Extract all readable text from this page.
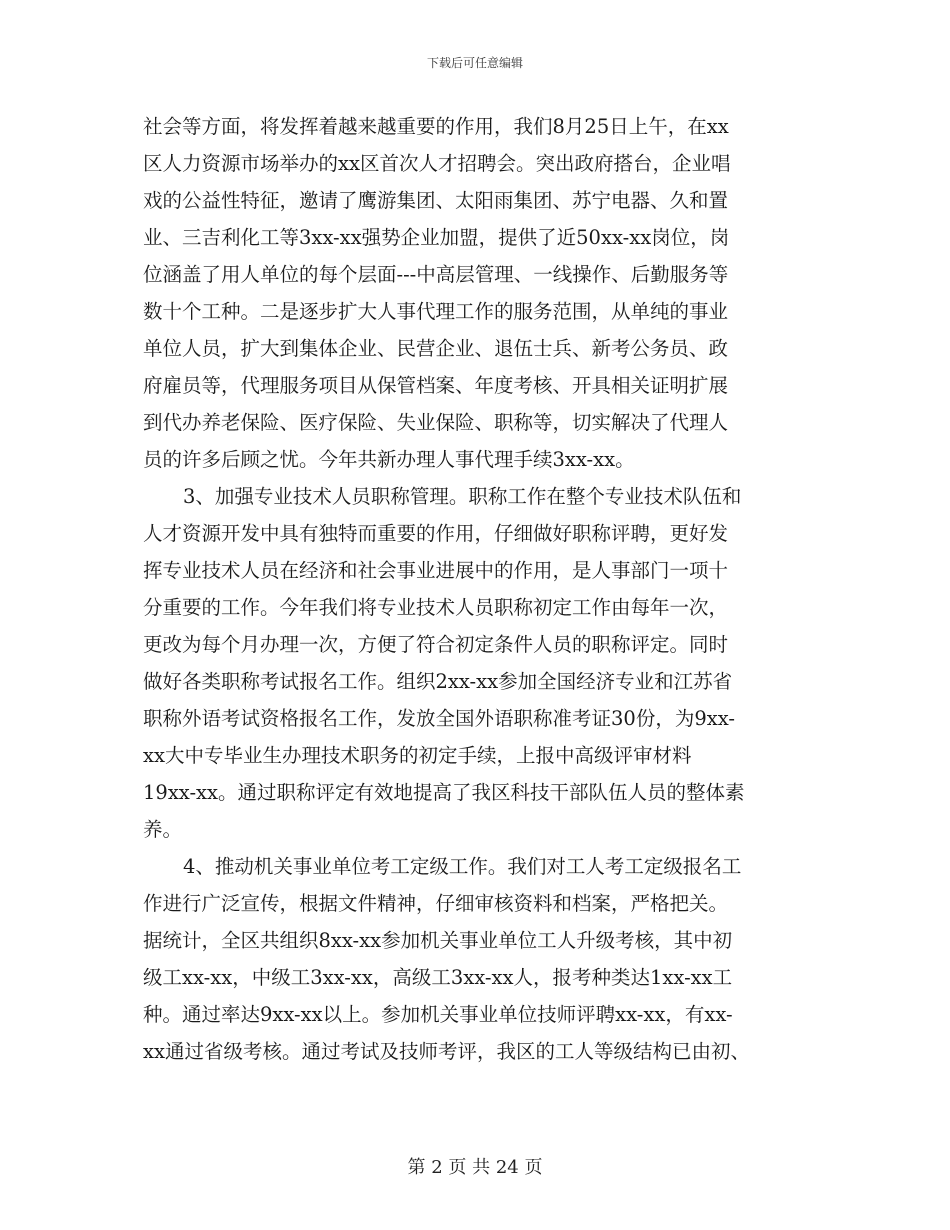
下载后可任意编辑
社会等方面，将发挥着越来越重要的作用，我们8月25日上午，在xx
区人力资源市场举办的xx区首次人才招聘会。突出政府搭台，企业唱
戏的公益性特征，邀请了鹰游集团、太阳雨集团、苏宁电器、久和置
业、三吉利化工等3xx-xx强势企业加盟，提供了近50xx-xx岗位，岗
位涵盖了用人单位的每个层面---中高层管理、一线操作、后勤服务等
数十个工种。二是逐步扩大人事代理工作的服务范围，从单纯的事业
单位人员，扩大到集体企业、民营企业、退伍士兵、新考公务员、政
府雇员等，代理服务项目从保管档案、年度考核、开具相关证明扩展
到代办养老保险、医疗保险、失业保险、职称等，切实解决了代理人
员的许多后顾之忧。今年共新办理人事代理手续3xx-xx。
3、加强专业技术人员职称管理。职称工作在整个专业技术队伍和
人才资源开发中具有独特而重要的作用，仔细做好职称评聘，更好发
挥专业技术人员在经济和社会事业进展中的作用，是人事部门一项十
分重要的工作。今年我们将专业技术人员职称初定工作由每年一次，
更改为每个月办理一次，方便了符合初定条件人员的职称评定。同时
做好各类职称考试报名工作。组织2xx-xx参加全国经济专业和江苏省
职称外语考试资格报名工作，发放全国外语职称准考证30份，为9xx-
xx大中专毕业生办理技术职务的初定手续，上报中高级评审材料
19xx-xx。通过职称评定有效地提高了我区科技干部队伍人员的整体素
养。
4、推动机关事业单位考工定级工作。我们对工人考工定级报名工
作进行广泛宣传，根据文件精神，仔细审核资料和档案，严格把关。
据统计，全区共组织8xx-xx参加机关事业单位工人升级考核，其中初
级工xx-xx，中级工3xx-xx，高级工3xx-xx人，报考种类达1xx-xx工
种。通过率达9xx-xx以上。参加机关事业单位技师评聘xx-xx，有xx-
xx通过省级考核。通过考试及技师考评，我区的工人等级结构已由初、
第 2 页 共 24 页
